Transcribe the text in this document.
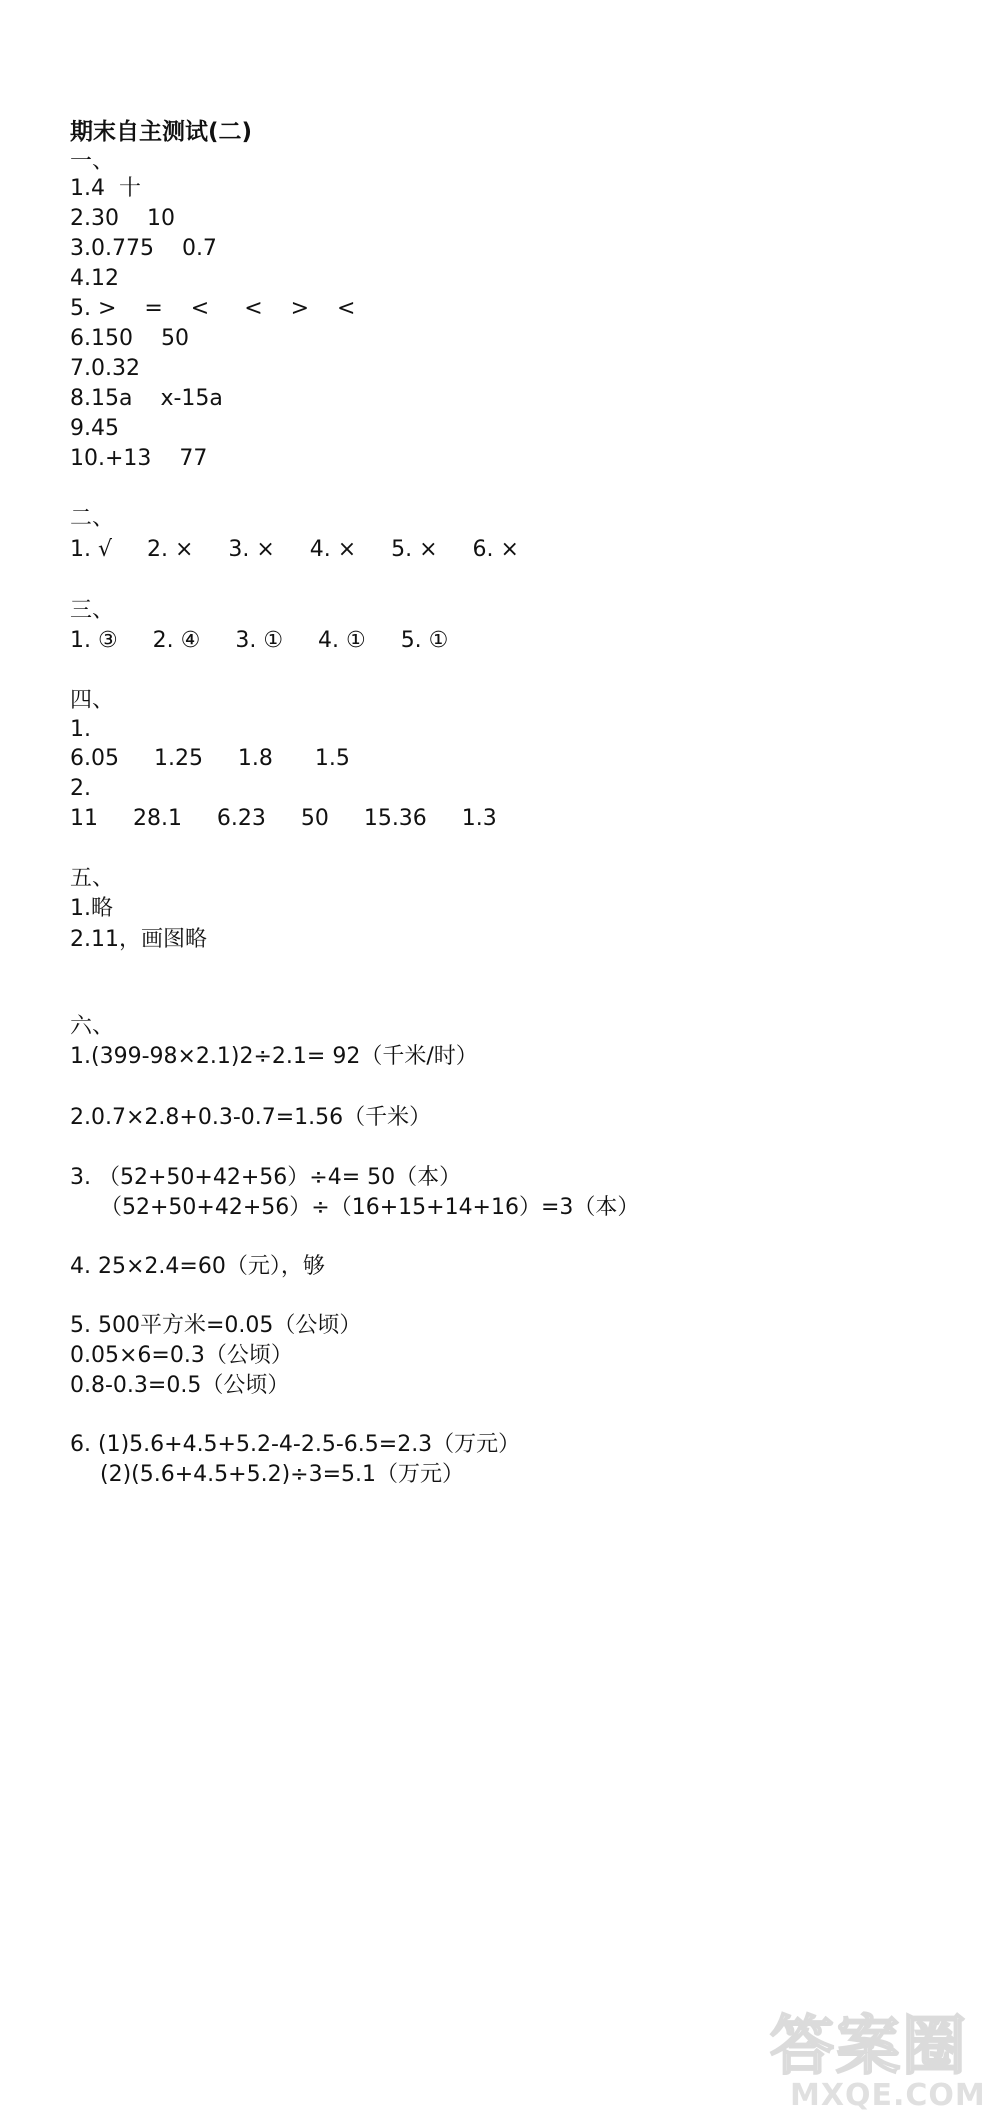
期末自主测试(二)
一、
1.4  十
2.30    10
3.0.775    0.7
4.12
5. >    =    <     <    >    <
6.150    50
7.0.32
8.15a    x-15a
9.45
10.+13    77
二、
1. √     2. ×     3. ×     4. ×     5. ×     6. ×
三、
1. ③     2. ④     3. ①     4. ①     5. ①
四、
1.
6.05     1.25     1.8      1.5
2.
11     28.1     6.23     50     15.36     1.3
五、
1.略
2.11，画图略
六、
1.(399-98×2.1)2÷2.1= 92（千米/时）
2.0.7×2.8+0.3-0.7=1.56（千米）
3. （52+50+42+56）÷4= 50（本）
（52+50+42+56）÷（16+15+14+16）=3（本）
4. 25×2.4=60（元），够
5. 500平方米=0.05（公顷）
0.05×6=0.3（公顷）
0.8-0.3=0.5（公顷）
6. (1)5.6+4.5+5.2-4-2.5-6.5=2.3（万元）
(2)(5.6+4.5+5.2)÷3=5.1（万元）
答案圈
MXQE.COM
